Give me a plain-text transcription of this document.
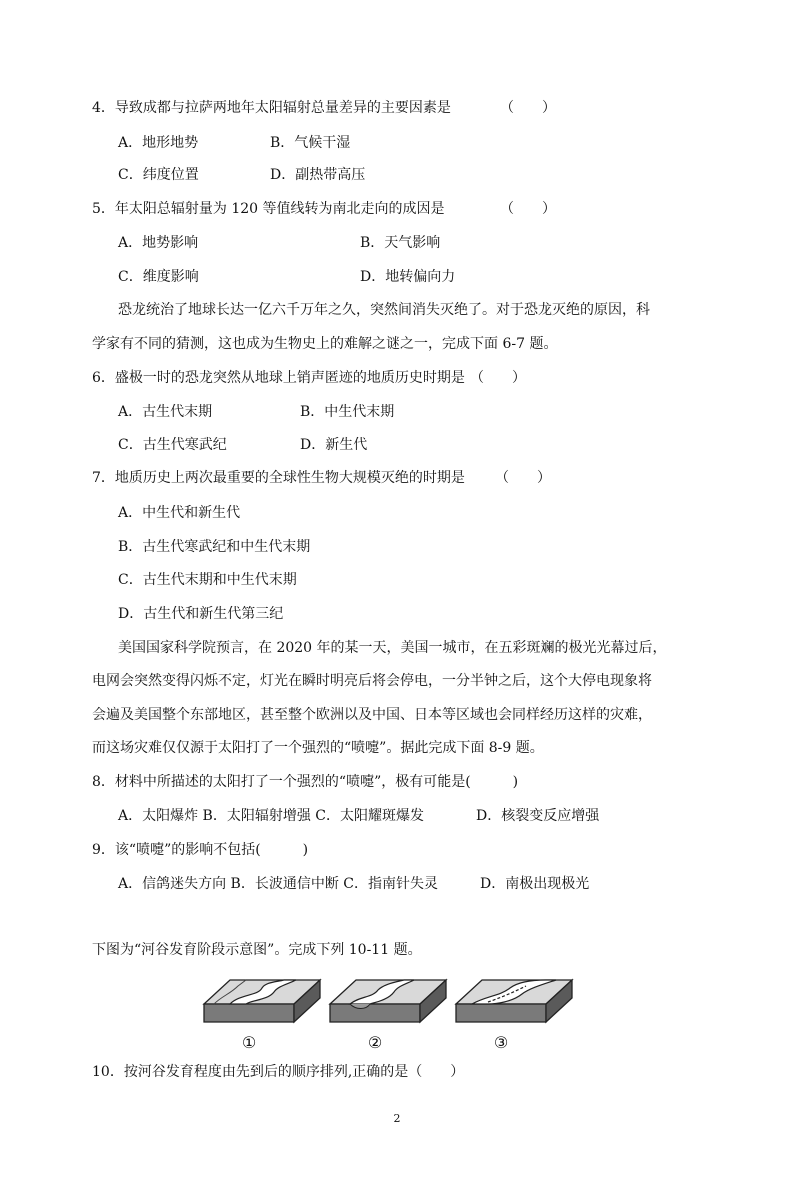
4．导致成都与拉萨两地年太阳辐射总量差异的主要因素是	（　　）
A．地形地势	B．气候干湿
C．纬度位置	D．副热带高压
5．年太阳总辐射量为 120 等值线转为南北走向的成因是	（　　）
A．地势影响	B．天气影响
C．维度影响	D．地转偏向力
恐龙统治了地球长达一亿六千万年之久，突然间消失灭绝了。对于恐龙灭绝的原因，科
学家有不同的猜测，这也成为生物史上的难解之谜之一，完成下面 6-7 题。
6．盛极一时的恐龙突然从地球上销声匿迹的地质历史时期是 （　　）
A．古生代末期	B．中生代末期
C．古生代寒武纪	D．新生代
7．地质历史上两次最重要的全球性生物大规模灭绝的时期是 （　　）
A．中生代和新生代
B．古生代寒武纪和中生代末期
C．古生代末期和中生代末期
D．古生代和新生代第三纪
美国国家科学院预言，在 2020 年的某一天，美国一城市，在五彩斑斓的极光光幕过后，
电网会突然变得闪烁不定，灯光在瞬时明亮后将会停电，一分半钟之后，这个大停电现象将
会遍及美国整个东部地区，甚至整个欧洲以及中国、日本等区域也会同样经历这样的灾难，
而这场灾难仅仅源于太阳打了一个强烈的“喷嚏”。据此完成下面 8-9 题。
8．材料中所描述的太阳打了一个强烈的“喷嚏”，极有可能是(　　　)
A．太阳爆炸 B．太阳辐射增强 C．太阳耀斑爆发	D．核裂变反应增强
9．该“喷嚏”的影响不包括(　　　)
A．信鸽迷失方向 B．长波通信中断 C．指南针失灵	D．南极出现极光
下图为“河谷发育阶段示意图”。完成下列 10-11 题。
①	②	③
10．按河谷发育程度由先到后的顺序排列,正确的是（　　）
2
